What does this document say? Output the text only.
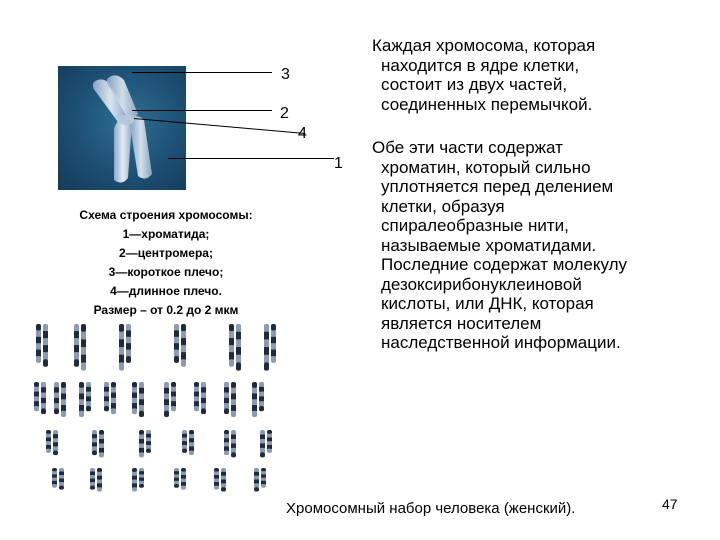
3
2
4
1
Схема строения хромосомы:
1—хроматида;
2—центромера;
3—короткое плечо;
4—длинное плечо.
Размер – от 0.2 до 2 мкм
Каждая хромосома, которая
находится в ядре клетки,
состоит из двух частей,
соединенных перемычкой.
Обе эти части содержат
хроматин, который сильно
уплотняется перед делением
клетки, образуя
спиралеобразные нити,
называемые хроматидами.
Последние содержат молекулу
дезоксирибонуклеиновой
кислоты, или ДНК, которая
является носителем
наследственной информации.
Хромосомный набор человека (женский).	47
